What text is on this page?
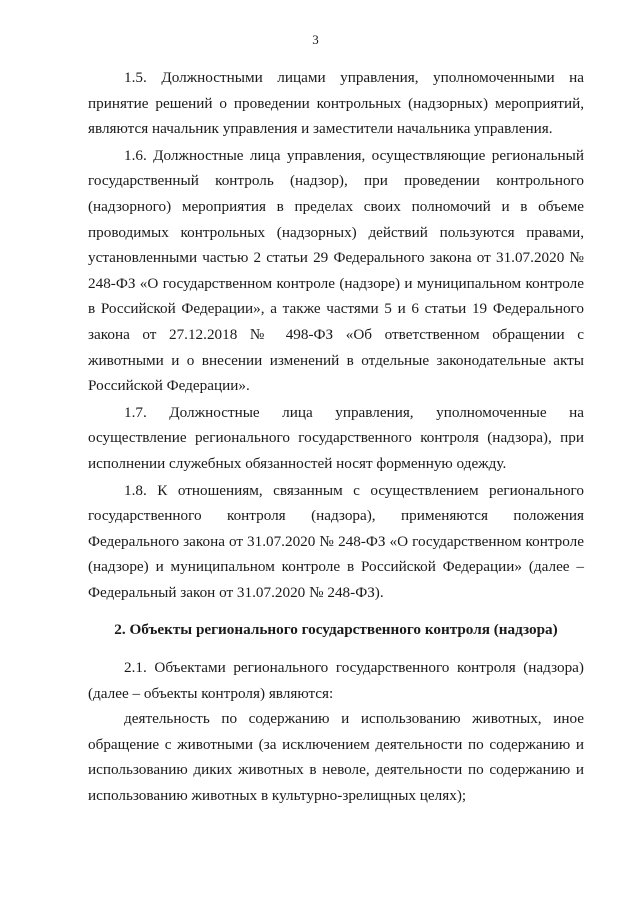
3

1.5. Должностными лицами управления, уполномоченными на принятие решений о проведении контрольных (надзорных) мероприятий, являются начальник управления и заместители начальника управления.

1.6. Должностные лица управления, осуществляющие региональный государственный контроль (надзор), при проведении контрольного (надзорного) мероприятия в пределах своих полномочий и в объеме проводимых контрольных (надзорных) действий пользуются правами, установленными частью 2 статьи 29 Федерального закона от 31.07.2020 № 248-ФЗ «О государственном контроле (надзоре) и муниципальном контроле в Российской Федерации», а также частями 5 и 6 статьи 19 Федерального закона от 27.12.2018 № 498-ФЗ «Об ответственном обращении с животными и о внесении изменений в отдельные законодательные акты Российской Федерации».

1.7. Должностные лица управления, уполномоченные на осуществление регионального государственного контроля (надзора), при исполнении служебных обязанностей носят форменную одежду.

1.8. К отношениям, связанным с осуществлением регионального государственного контроля (надзора), применяются положения Федерального закона от 31.07.2020 № 248-ФЗ «О государственном контроле (надзоре) и муниципальном контроле в Российской Федерации» (далее – Федеральный закон от 31.07.2020 № 248-ФЗ).

2. Объекты регионального государственного контроля (надзора)

2.1. Объектами регионального государственного контроля (надзора) (далее – объекты контроля) являются:

деятельность по содержанию и использованию животных, иное обращение с животными (за исключением деятельности по содержанию и использованию диких животных в неволе, деятельности по содержанию и использованию животных в культурно-зрелищных целях);
